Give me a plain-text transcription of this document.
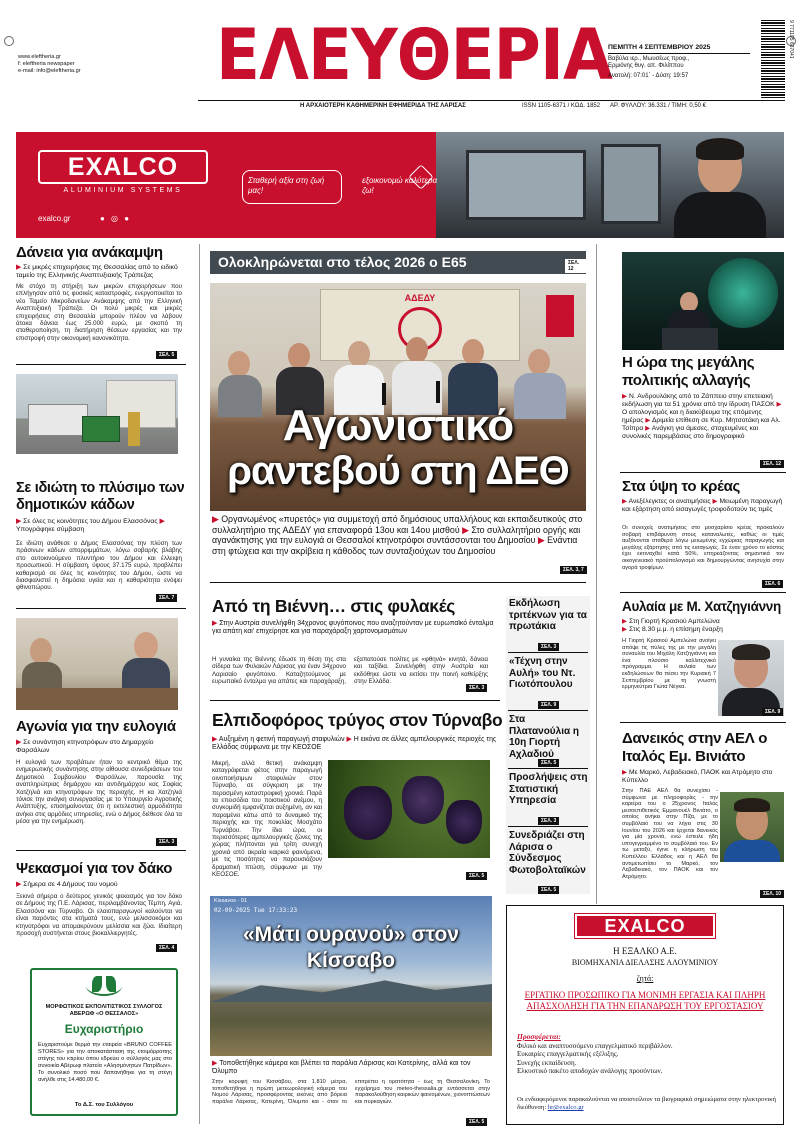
www.eleftheria.gr
f: eleftheria newspaper
e-mail: info@eleftheria.gr	ΕΛΕΥΘΕΡΙΑ
ΠΕΜΠΤΗ 4 ΣΕΠΤΕΜΒΡΙΟΥ 2025
Βαβύλα ιερ., Μωυσέως προφ.,
Ερμιόνης θυγ. απ. Φιλίππου
Ανατολή: 07:01΄ - Δύση: 19:57
9 771105 637041
Η ΑΡΧΑΙΟΤΕΡΗ ΚΑΘΗΜΕΡΙΝΗ ΕΦΗΜΕΡΙΔΑ ΤΗΣ ΛΑΡΙΣΑΣ	ISSN 1105-6371 / ΚΩΔ. 1852 ΑΡ. ΦΥΛΛΟΥ: 36.331 / ΤΙΜΗ: 0,50 €
EXALCO
ALUMINIUM SYSTEMS
exalco.gr	● ◎ ●
Σταθερή αξία στη ζωή μας!
εξοικονομώ καλύτερα ζω!
Δάνεια για ανάκαμψη
▶ Σε μικρές επιχειρήσεις της Θεσσαλίας από το ειδικό ταμείο της Ελληνικής Αναπτυξιακής Τράπεζας
Με στόχο τη στήριξη των μικρών επιχειρήσεων που επλήγησαν από τις φυσικές καταστροφές, ενεργοποιείται το νέο Ταμείο Μικροδανείων Ανάκαμψης από την Ελληνική Αναπτυξιακή Τράπεζα. Οι πολύ μικρές και μικρές επιχειρήσεις στη Θεσσαλία μπορούν πλέον να λάβουν άτοκα δάνεια έως 25.000 ευρώ, με σκοπό τη σταθεροποίηση, τη διατήρηση θέσεων εργασίας και την επιστροφή στην οικονομική κανονικότητα.
ΣΕΛ. 5
Σε ιδιώτη το πλύσιμο των δημοτικών κάδων
▶ Σε όλες τις κοινότητες του Δήμου Ελασσόνας ▶ Υπογράφηκε σύμβαση
Σε ιδιώτη ανάθεσε ο Δήμος Ελασσόνας την πλύση των πράσινων κάδων απορριμμάτων, λόγω σοβαρής βλάβης στο αυτοκινούμενο πλυντήριο του Δήμου και έλλειψη προσωπικού. Η σύμβαση, ύψους 37.175 ευρώ, προβλέπει καθαρισμό σε όλες τις κοινότητες του Δήμου, ώστε να διασφαλιστεί η δημόσια υγεία και η καθαριότητα ενόψει φθινοπώρου.
ΣΕΛ. 7
Αγωνία για την ευλογιά
▶ Σε συνάντηση κτηνοτρόφων στο Δημαρχείο Φαρσάλων
Η ευλογιά των προβάτων ήταν το κεντρικό θέμα της ενημερωτικής συνάντησης στην αίθουσα συνεδριάσεων του Δημοτικού Συμβουλίου Φαρσάλων, παρουσία της αναπληρώτριας δημάρχου και αντιδημάρχου κας Σοφίας Χατζηλιά και κτηνοτρόφων της περιοχής. Η κα Χατζηλιά τόνισε την ανάγκη συνεργασίας με το Υπουργείο Αγροτικής Ανάπτυξης, επισημαίνοντας ότι η εκτελεστική αρμοδιότητα ανήκει στις αρμόδιες υπηρεσίες, ενώ ο Δήμος διέθεσε όλα τα μέσα για την ενημέρωση.
ΣΕΛ. 3
Ψεκασμοί για τον δάκο
▶ Σήμερα σε 4 Δήμους του νομού
Ξεκινά σήμερα ο δεύτερος γενικός ψεκασμός για τον δάκο σε Δήμους της Π.Ε. Λάρισας, περιλαμβάνοντας Τέμπη, Αγιά, Ελασσόνα και Τύρναβο. Οι ελαιοπαραγωγοί καλούνται να είναι παρόντες στα κτήματά τους, ενώ μελισσοκόμοι και κτηνοτρόφοι να απομακρύνουν μελίσσια και ζώα. Ιδιαίτερη προσοχή συστήνεται στους βιοκαλλιεργητές.
ΣΕΛ. 4
ΜΟΡΦΩΤΙΚΟΣ ΕΚΠΟΛΙΤΙΣΤΙΚΟΣ ΣΥΛΛΟΓΟΣ ΑΒΕΡΩΦ «Ο ΘΕΣΣΑΛΟΣ»
Ευχαριστήριο
Ευχαριστούμε θερμά την εταιρεία «BRUNO COFFEE STORES» για την αποκατάσταση της ετοιμόρροπης στέγης του κτιρίου όπου εδρεύει ο σύλλογός μας στο συνοικία Αβέρωφ πλατεία «Αλησμόνητων Πατρίδων». Το συνολικό ποσό που δαπανήθηκε για τη στέγη ανήλθε στις 14.480,00 €.
Το Δ.Σ. του Συλλόγου
Ολοκληρώνεται στο τέλος 2026 ο Ε65	ΣΕΛ. 12
ΑΔΕΔΥ
Αγωνιστικό
ραντεβού στη ΔΕΘ
▶ Οργανωμένος «πυρετός» για συμμετοχή από δημόσιους υπαλλήλους και εκπαιδευτικούς στο συλλαλητήριο της ΑΔΕΔΥ για επαναφορά 13ου και 14ου μισθού ▶ Στο συλλαλητήριο οργής και αγανάκτησης για την ευλογιά οι Θεσσαλοί κτηνοτρόφοι συντάσσονται του Δημοσίου ▶ Ενάντια στη φτώχεια και την ακρίβεια η κάθοδος των συνταξιούχων του Δημοσίου
ΣΕΛ. 3, 7
Από τη Βιέννη… στις φυλακές
▶ Στην Αυστρία συνελήφθη 34χρονος φυγόποινος που αναζητούνταν με ευρωπαϊκό ένταλμα για απάτη και' επιχείρησε και για παραχάραξη χαρτονομισμάτων
Η γυναίκα της Βιέννης έδωσε τη θέση της στα σίδερα των Φυλακών Λάρισας για έναν 34χρονο Λαρισαίο φυγόποινο. Καταζητούμενος με ευρωπαϊκό ένταλμα για απάτες και παραχάραξη, εξαπατούσε πολίτες με «φθηνά» κινητά, δάνεια και ταξίδια. Συνελήφθη στην Αυστρία και εκδόθηκε ώστε να εκτίσει την ποινή καθείρξης στην Ελλάδα.
ΣΕΛ. 3
Ελπιδοφόρος τρύγος στον Τύρναβο
▶ Αυξημένη η φετινή παραγωγή σταφυλιών ▶ Η εικόνα σε άλλες αμπελουργικές περιοχές της Ελλάδας σύμφωνα με την ΚΕΟΣΟΕ
Μικρή, αλλά θετική ανάκαμψη καταγράφεται φέτος στην παραγωγή οινοποιήσιμων σταφυλιών στον Τύρναβο, σε σύγκριση με την περασμένη καταστροφική χρονιά. Παρά τα επεισόδια του ποιοτικού ανέμου, η συγκομιδή εμφανίζεται αυξημένη, αν και παραμένει κάτω από το δυναμικό της περιοχής και της ποικιλίας Μοσχάτο Τυρνάβου. Την ίδια ώρα, οι περισσότερες αμπελουργικές ζώνες της χώρας πλήττονται για τρίτη συνεχή χρονιά από ακραία καιρικά φαινόμενα, με τις ποσότητες να παρουσιάζουν δραματική πτώση, σύμφωνα με την ΚΕΟΣΟΕ.	ΣΕΛ. 5
Kissavos - 01
02-09-2025 Tue 17:33:23
«Μάτι ουρανού» στον Κίσσαβο
▶ Τοποθετήθηκε κάμερα και βλέπει τα παράλια Λάρισας και Κατερίνης, αλλά και τον Όλυμπο
Στην κορυφή του Κισσάβου, στα 1.810 μέτρα, τοποθετήθηκε η πρώτη μετεωρολογική κάμερα του Νομού Λάρισας, προσφέροντας εικόνες από βόρεια παράλια Λάρισας, Κατερίνη, Όλυμπο και - όταν το επιτρέπει η ορατότητα - έως τη Θεσσαλονίκη. Το εγχείρημα του meteo-thessalia.gr εντάσσεται στην παρακολούθηση καιρικών φαινομένων, χιονοπτώσεων και πυρκαγιών.
ΣΕΛ. 5
Εκδήλωση τριτέκνων για τα πρωτάκια
ΣΕΛ. 3
«Τέχνη στην Αυλή» του Ντ. Γιωτόπουλου
ΣΕΛ. 9
Στα Πλατανούλια η 10η Γιορτή Αχλαδιού
ΣΕΛ. 5
Προσλήψεις στη Στατιστική Υπηρεσία
ΣΕΛ. 3
Συνεδριάζει στη Λάρισα ο Σύνδεσμος Φωτοβολταϊκών
ΣΕΛ. 5
EXALCO
Η ΕΞΑΛΚΟ Α.Ε.
ΒΙΟΜΗΧΑΝΙΑ ΔΙΕΛΑΣΗΣ ΑΛΟΥΜΙΝΙΟΥ
ζητά:
ΕΡΓΑΤΙΚΟ ΠΡΟΣΩΠΙΚΟ ΓΙΑ ΜΟΝΙΜΗ ΕΡΓΑΣΙΑ ΚΑΙ ΠΛΗΡΗ ΑΠΑΣΧΟΛΗΣΗ ΓΙΑ ΤΗΝ ΕΠΑΝΔΡΩΣΗ ΤΟΥ ΕΡΓΟΣΤΑΣΙΟΥ
Προσφέρεται:
Φιλικό και αναπτυσσόμενο επαγγελματικό περιβάλλον.
Ευκαιρίες επαγγελματικής εξέλιξης.
Συνεχής εκπαίδευση.
Ελκυστικό πακέτο αποδοχών ανάλογης προσόντων.
Οι ενδιαφερόμενοι παρακαλούνται να αποστείλουν τα βιογραφικά σημειώματα στην ηλεκτρονική διεύθυνση: hr@exalco.gr
Η ώρα της μεγάλης πολιτικής αλλαγής
▶ Ν. Ανδρουλάκης από το Ζάππειο στην επετειακή εκδήλωση για τα 51 χρόνια από την ίδρυση ΠΑΣΟΚ ▶ Ο απολογισμός και η διακύβευμα της επόμενης ημέρας ▶ Δριμεία επίθεση σε Κυρ. Μητσοτάκη και Αλ. Τσίπρα ▶ Ανάγκη για άμεσες, στοχευμένες και συνολικές παρεμβάσεις στο δημογραφικό
ΣΕΛ. 12
Στα ύψη το κρέας
▶ Ανεξέλεγκτες οι ανατιμήσεις ▶ Μειωμένη παραγωγή και εξάρτηση από εισαγωγές τροφοδοτούν τις τιμές
Οι συνεχείς ανατιμήσεις στο μοσχαρίσιο κρέας προκαλούν σοβαρή επιβάρυνση στους καταναλωτές, καθώς οι τιμές αυξάνονται σταθερά λόγω μειωμένης εγχώριας παραγωγής και μεγάλης εξάρτησης από τις εισαγωγές. Σε έναν χρόνο το κόστος έχει εκτιναχθεί κατά 50%, επηρεάζοντας σημαντικά τον οικογενειακό προϋπολογισμό και δημιουργώντας ανησυχία στην αγορά τροφίμων.
ΣΕΛ. 6
Αυλαία με Μ. Χατζηγιάννη
▶ Στη Γιορτή Κρασιού Αμπελώνα
▶ Στις 8.30 μ.μ. η επίσημη έναρξη
Η Γιορτή Κρασιού Αμπελώνα ανοίγει απόψε τις πύλες της με την μεγάλη συναυλία του Μιχάλη Χατζηγιάννη και ένα πλούσιο καλλιτεχνικό πρόγραμμα. Η αυλαία των εκδηλώσεων θα πέσει την Κυριακή 7 Σεπτεμβρίου με τη γνωστή ερμηνεύτρια Γιώτα Νέγκα.
ΣΕΛ. 9
Δανεικός στην ΑΕΛ ο Ιταλός Εμ. Βινιάτο
▶ Με Μαρκό, Λεβαδειακό, ΠΑΟΚ και Ατρόμητο στο Κύπελλο
Στην ΠΑΕ ΑΕΛ θα συνεχίσει - σύμφωνα με πληροφορίες - την καριέρα του ο 25χρονος Ιταλός μεσοεπιθετικός Εμμανουέλ Βινιάτο, ο οποίος ανήκει στην Πίζα, με το συμβόλαιό του να λήγει στις 30 Ιουνίου του 2026 και έρχεται δανεικός για μία χρονιά, ενώ έστειλε ήδη υπογεγραμμένο το συμβόλαιό του. Εν τω μεταξύ, έγινε η κλήρωση του Κυπέλλου Ελλάδος και η ΑΕΛ θα αντιμετωπίσει το Μαρκό, τον Λεβαδειακό, τον ΠΑΟΚ και τον Ατρόμητο.
ΣΕΛ. 10
